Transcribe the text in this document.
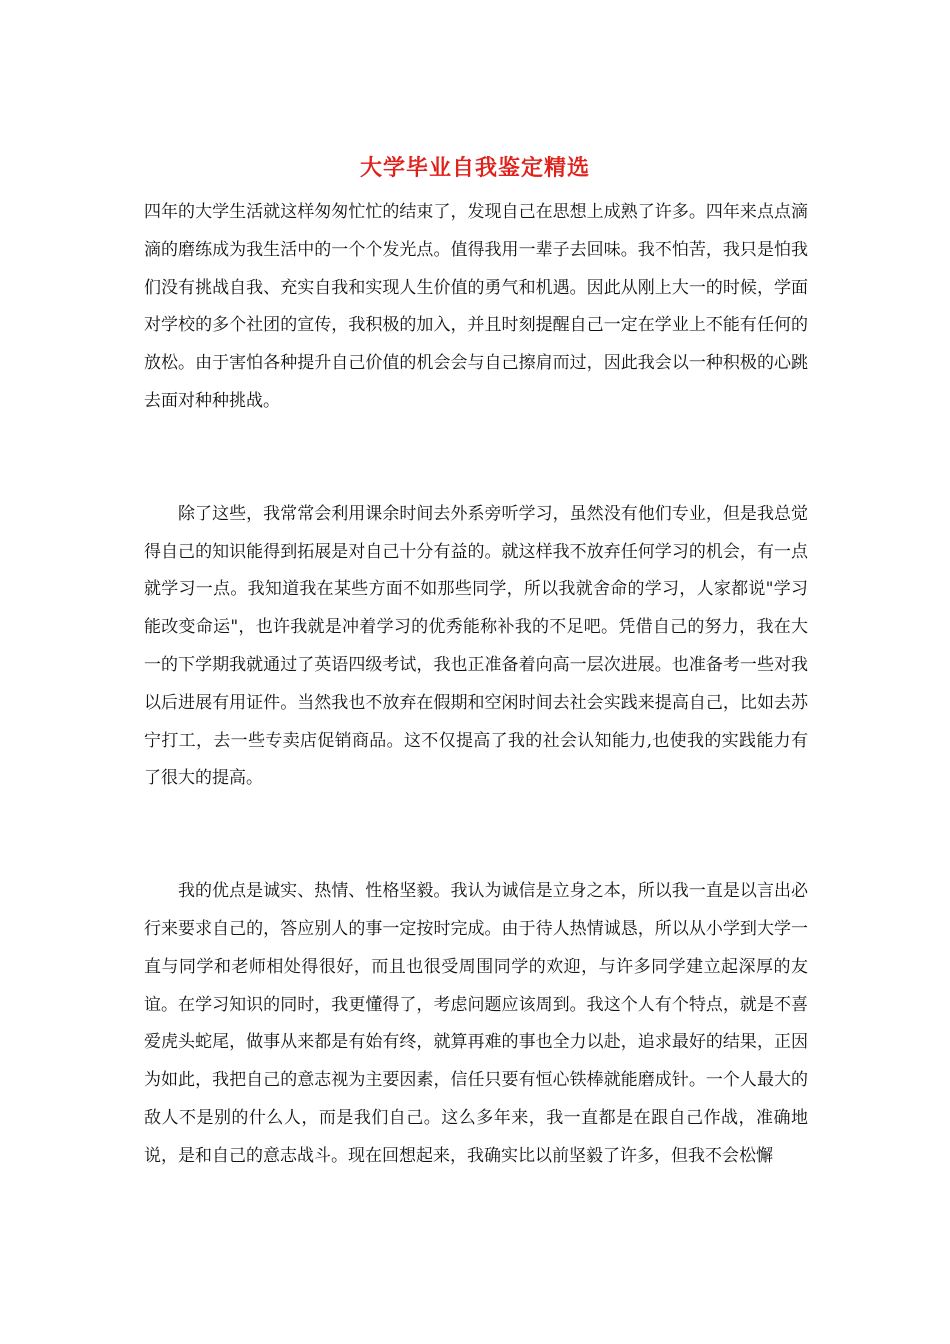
大学毕业自我鉴定精选

四年的大学生活就这样匆匆忙忙的结束了，发现自己在思想上成熟了许多。四年来点点滴滴的磨练成为我生活中的一个个发光点。值得我用一辈子去回味。我不怕苦，我只是怕我们没有挑战自我、充实自我和实现人生价值的勇气和机遇。因此从刚上大一的时候，学面对学校的多个社团的宣传，我积极的加入，并且时刻提醒自己一定在学业上不能有任何的放松。由于害怕各种提升自己价值的机会会与自己擦肩而过，因此我会以一种积极的心跳去面对种种挑战。

除了这些，我常常会利用课余时间去外系旁听学习，虽然没有他们专业，但是我总觉得自己的知识能得到拓展是对自己十分有益的。就这样我不放弃任何学习的机会，有一点就学习一点。我知道我在某些方面不如那些同学，所以我就舍命的学习，人家都说"学习能改变命运"，也许我就是冲着学习的优秀能称补我的不足吧。凭借自己的努力，我在大一的下学期我就通过了英语四级考试，我也正准备着向高一层次进展。也准备考一些对我以后进展有用证件。当然我也不放弃在假期和空闲时间去社会实践来提高自己，比如去苏宁打工，去一些专卖店促销商品。这不仅提高了我的社会认知能力,也使我的实践能力有了很大的提高。

我的优点是诚实、热情、性格坚毅。我认为诚信是立身之本，所以我一直是以言出必行来要求自己的，答应别人的事一定按时完成。由于待人热情诚恳，所以从小学到大学一直与同学和老师相处得很好，而且也很受周围同学的欢迎，与许多同学建立起深厚的友谊。在学习知识的同时，我更懂得了，考虑问题应该周到。我这个人有个特点，就是不喜爱虎头蛇尾，做事从来都是有始有终，就算再难的事也全力以赴，追求最好的结果，正因为如此，我把自己的意志视为主要因素，信任只要有恒心铁棒就能磨成针。一个人最大的敌人不是别的什么人，而是我们自己。这么多年来，我一直都是在跟自己作战，准确地说，是和自己的意志战斗。现在回想起来，我确实比以前坚毅了许多，但我不会松懈
